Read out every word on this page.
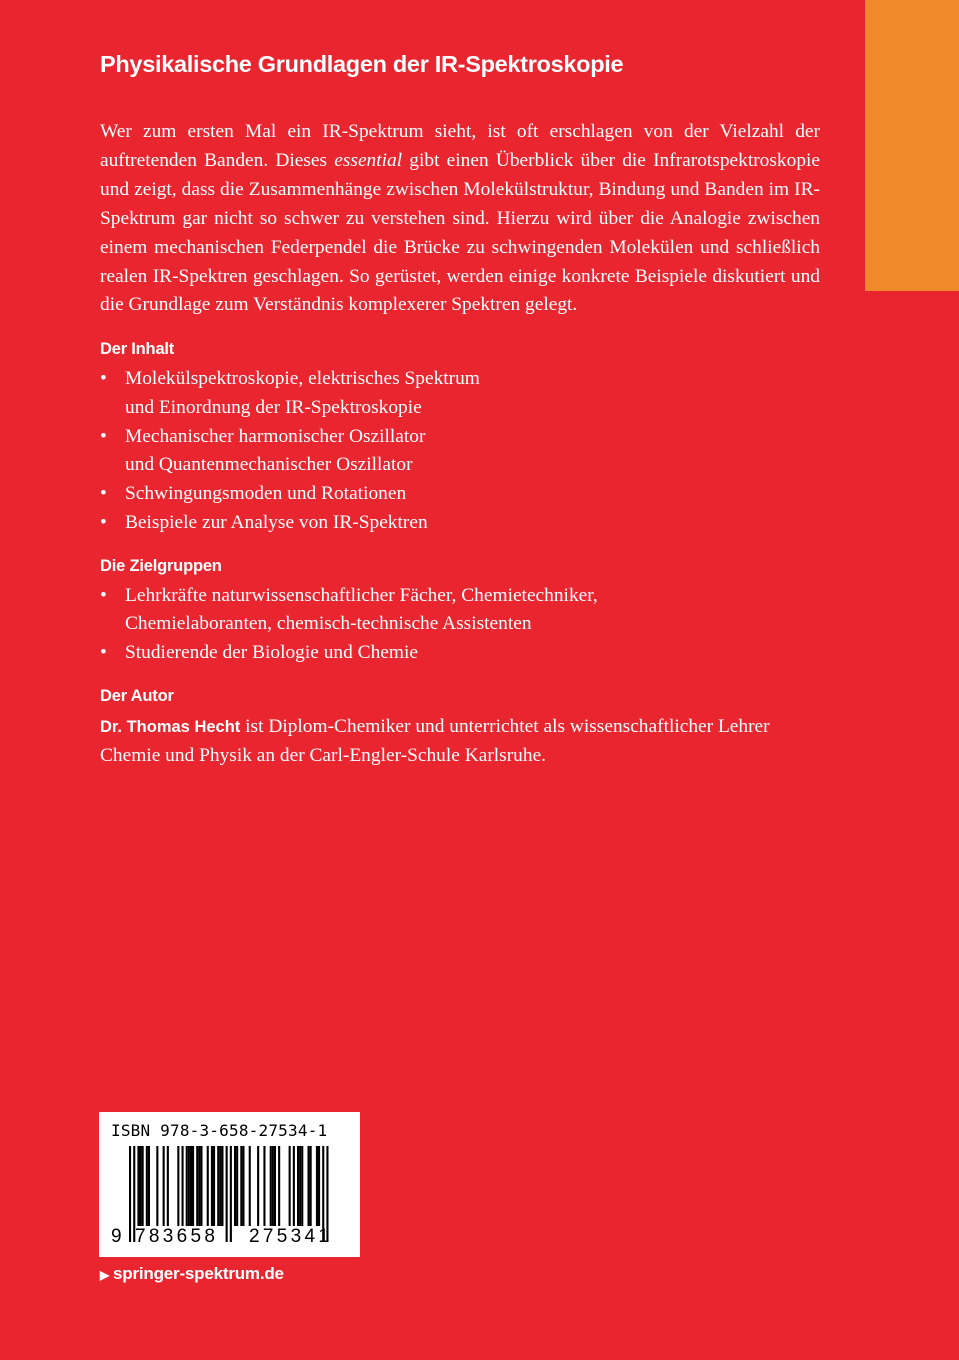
Physikalische Grundlagen der IR-Spektroskopie

Wer zum ersten Mal ein IR-Spektrum sieht, ist oft erschlagen von der Vielzahl der auftretenden Banden. Dieses essential gibt einen Überblick über die Infrarotspektroskopie und zeigt, dass die Zusammenhänge zwischen Molekülstruktur, Bindung und Banden im IR-Spektrum gar nicht so schwer zu verstehen sind. Hierzu wird über die Analogie zwischen einem mechanischen Federpendel die Brücke zu schwingenden Molekülen und schließlich realen IR-Spektren geschlagen. So gerüstet, werden einige konkrete Beispiele diskutiert und die Grundlage zum Verständnis komplexerer Spektren gelegt.

Der Inhalt
• Molekülspektroskopie, elektrisches Spektrum
und Einordnung der IR-Spektroskopie
• Mechanischer harmonischer Oszillator
und Quantenmechanischer Oszillator
• Schwingungsmoden und Rotationen
• Beispiele zur Analyse von IR-Spektren
Die Zielgruppen
• Lehrkräfte naturwissenschaftlicher Fächer, Chemietechniker,
Chemielaboranten, chemisch-technische Assistenten
• Studierende der Biologie und Chemie
Der Autor

Dr. Thomas Hecht ist Diplom-Chemiker und unterrichtet als wissenschaftlicher Lehrer Chemie und Physik an der Carl-Engler-Schule Karlsruhe.

ISBN 978-3-658-27534-1
9 783658 275341
▶ springer-spektrum.de
